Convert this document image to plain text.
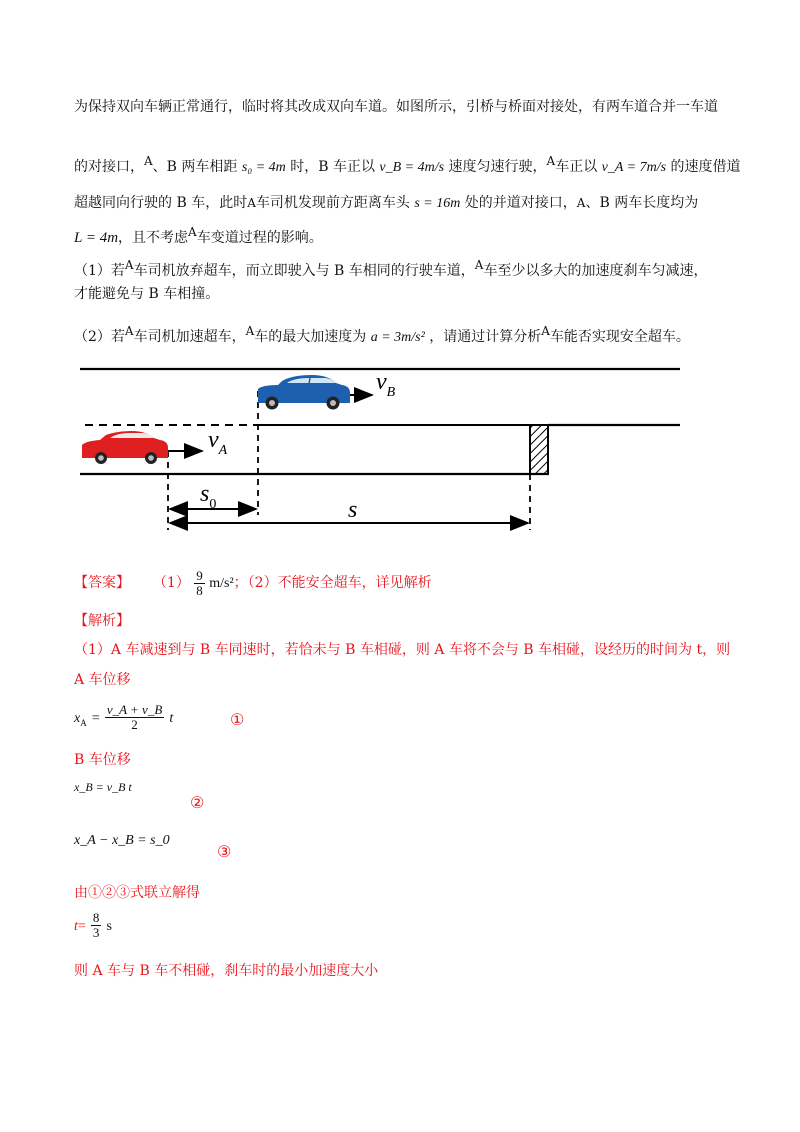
为保持双向车辆正常通行，临时将其改成双向车道。如图所示，引桥与桥面对接处，有两车道合并一车道
的对接口，A、B 两车相距 s₀ = 4m 时，B 车正以 v_B = 4m/s 速度匀速行驶，A车正以 v_A = 7m/s 的速度借道
超越同向行驶的 B 车，此时A车司机发现前方距离车头 s = 16m 处的并道对接口，A、B 两车长度均为
L = 4m，且不考虑A车变道过程的影响。
（1）若A车司机放弃超车，而立即驶入与 B 车相同的行驶车道，A车至少以多大的加速度刹车匀减速，
才能避免与 B 车相撞。
（2）若A车司机加速超车，A车的最大加速度为 a = 3m/s² ，请通过计算分析A车能否实现安全超车。
$v_B$
$v_A$
$s_0$	s
【答案】 $(1) \frac{9}{8} m/s^2$；（2）不能安全超车，详见解析
【解析】
（1）A 车减速到与 B 车同速时，若恰未与 B 车相碰，则 A 车将不会与 B 车相碰，设经历的时间为 t，则
A 车位移
$x_A = \frac{v\_A + v\_B}{2}$ t	①
B 车位移
x_B = v_B t
②
x_A − x_B = s_0
③
由①②③式联立解得
$t= \frac{8}{3}$ s
则 A 车与 B 车不相碰，刹车时的最小加速度大小
